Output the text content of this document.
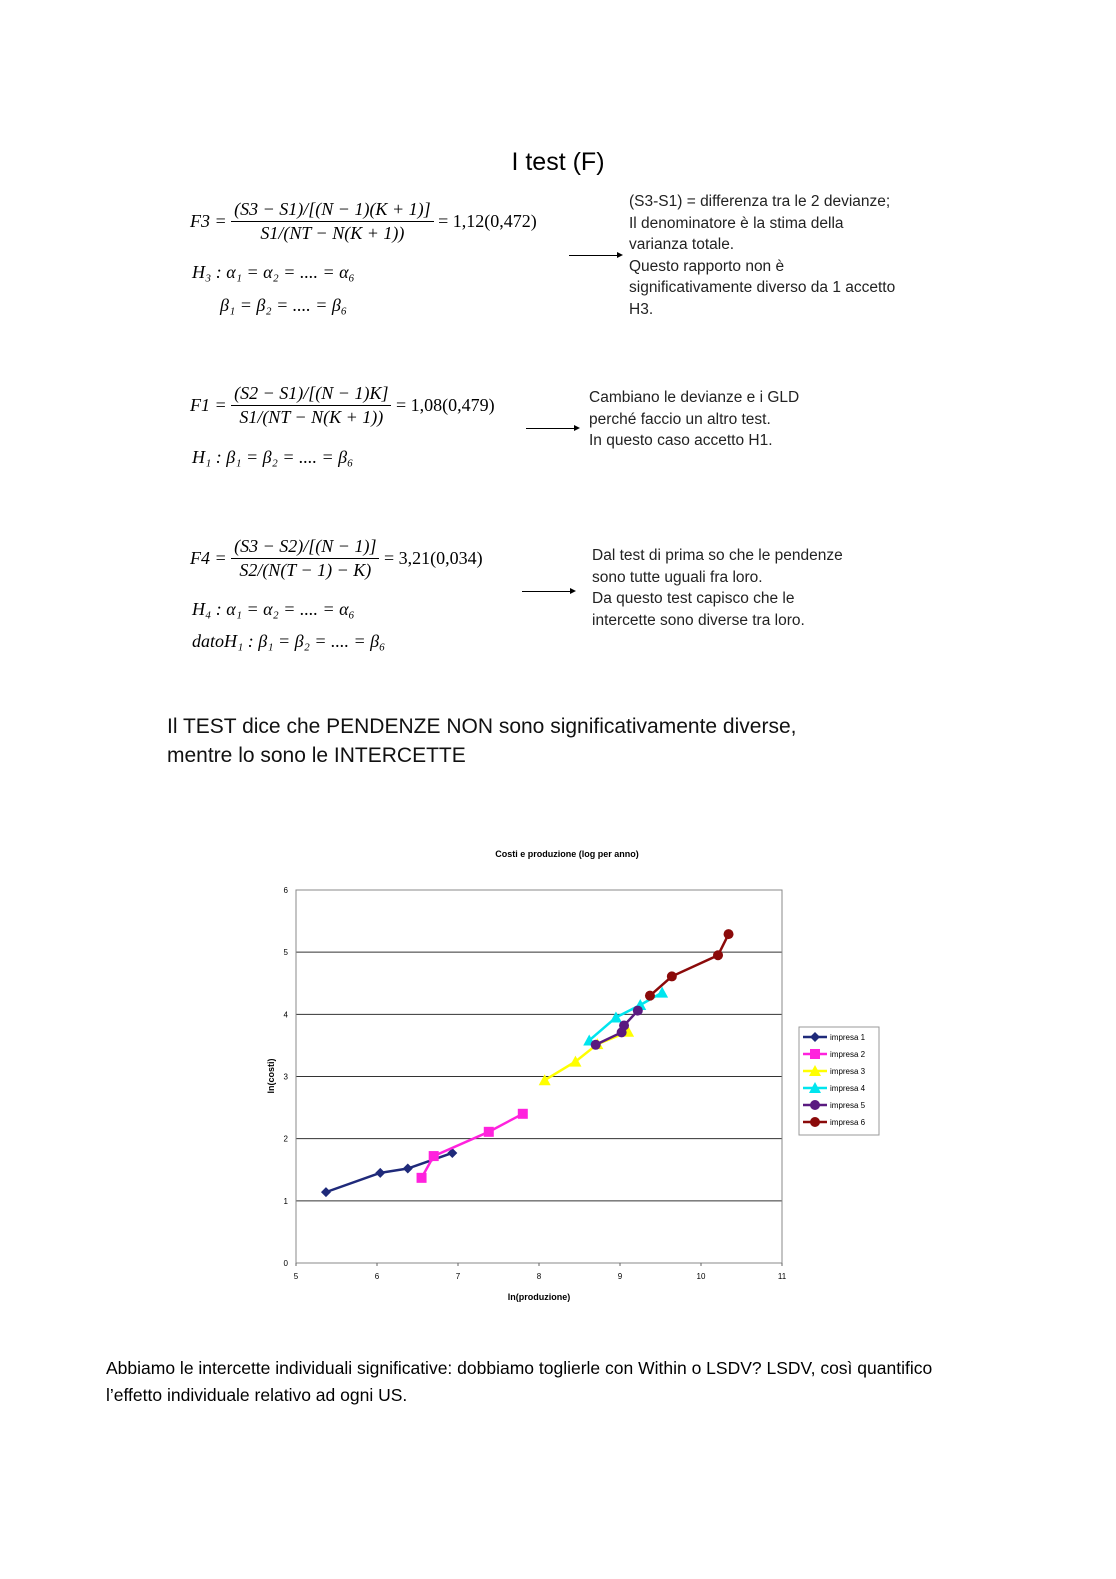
I test (F)
$F3 = \frac{(S3 - S1)/[(N - 1)(K + 1)]}{S1/(NT - N(K + 1))} = 1,12(0,472)$
H₃ : α₁ = α₂ = .... = α₆
β₁ = β₂ = .... = β₆
(S3-S1) = differenza tra le 2 devianze;
Il denominatore è la stima della
varianza totale.
Questo rapporto non è
significativamente diverso da 1 accetto
H3.
$F1 = \frac{(S2 - S1)/[(N - 1)K]}{S1/(NT - N(K + 1))} = 1,08(0,479)$
H₁ : β₁ = β₂ = .... = β₆
Cambiano le devianze e i GLD
perché faccio un altro test.
In questo caso accetto H1.
$F4 = \frac{(S3 - S2)/[(N - 1)]}{S2/(N(T - 1) - K)} = 3,21(0,034)$
H₄ : α₁ = α₂ = .... = α₆
datoH₁ : β₁ = β₂ = .... = β₆
Dal test di prima so che le pendenze
sono tutte uguali fra loro.
Da questo test capisco che le
intercette sono diverse tra loro.
Il TEST dice che PENDENZE NON sono significativamente diverse,
mentre lo sono le INTERCETTE
Costi e produzione (log per anno)
0
1
2
3
4
5
6
5	6	7	8	9	10	11
ln(produzione)
ln(costi)
impresa 1
impresa 2
impresa 3
impresa 4
impresa 5
impresa 6
Abbiamo le intercette individuali significative: dobbiamo toglierle con Within o LSDV? LSDV, così quantifico
l’effetto individuale relativo ad ogni US.
